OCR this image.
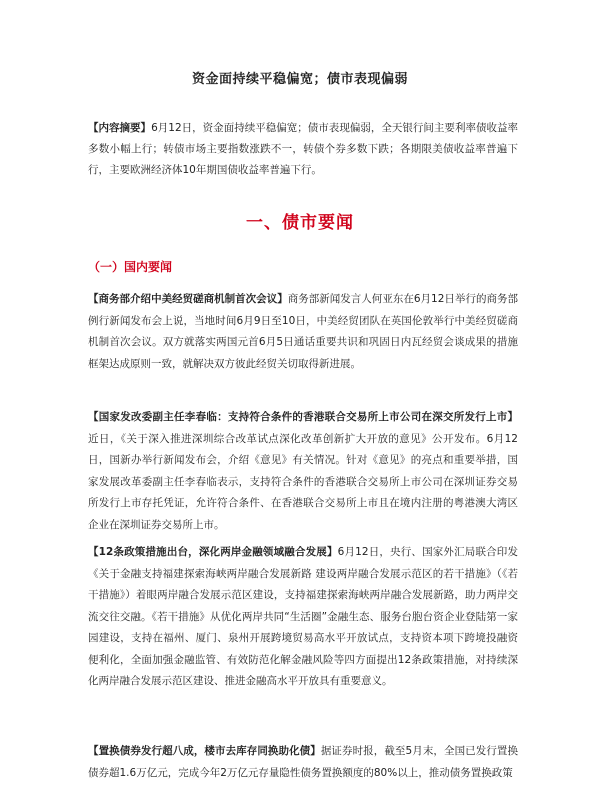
资金面持续平稳偏宽；债市表现偏弱
【内容摘要】6月12日，资金面持续平稳偏宽；债市表现偏弱，全天银行间主要利率债收益率多数小幅上行；转债市场主要指数涨跌不一，转债个券多数下跌；各期限美债收益率普遍下行，主要欧洲经济体10年期国债收益率普遍下行。
一、债市要闻
（一）国内要闻
【商务部介绍中美经贸磋商机制首次会议】商务部新闻发言人何亚东在6月12日举行的商务部例行新闻发布会上说，当地时间6月9日至10日，中美经贸团队在英国伦敦举行中美经贸磋商机制首次会议。双方就落实两国元首6月5日通话重要共识和巩固日内瓦经贸会谈成果的措施框架达成原则一致，就解决双方彼此经贸关切取得新进展。
【国家发改委副主任李春临：支持符合条件的香港联合交易所上市公司在深交所发行上市】近日，《关于深入推进深圳综合改革试点深化改革创新扩大开放的意见》公开发布。6月12日，国新办举行新闻发布会，介绍《意见》有关情况。针对《意见》的亮点和重要举措，国家发展改革委副主任李春临表示，支持符合条件的香港联合交易所上市公司在深圳证券交易所发行上市存托凭证，允许符合条件、在香港联合交易所上市且在境内注册的粤港澳大湾区企业在深圳证券交易所上市。
【12条政策措施出台，深化两岸金融领域融合发展】6月12日，央行、国家外汇局联合印发《关于金融支持福建探索海峡两岸融合发展新路 建设两岸融合发展示范区的若干措施》（《若干措施》）着眼两岸融合发展示范区建设，支持福建探索海峡两岸融合发展新路，助力两岸交流交往交融。《若干措施》从优化两岸共同“生活圈”金融生态、服务台胞台资企业登陆第一家园建设，支持在福州、厦门、泉州开展跨境贸易高水平开放试点，支持资本项下跨境投融资便利化，全面加强金融监管、有效防范化解金融风险等四方面提出12条政策措施，对持续深化两岸融合发展示范区建设、推进金融高水平开放具有重要意义。
【置换债券发行超八成，楼市去库存同换助化债】据证券时报，截至5月末，全国已发行置换债券超1.6万亿元，完成今年2万亿元存量隐性债务置换额度的80%以上，推动债务置换政策
